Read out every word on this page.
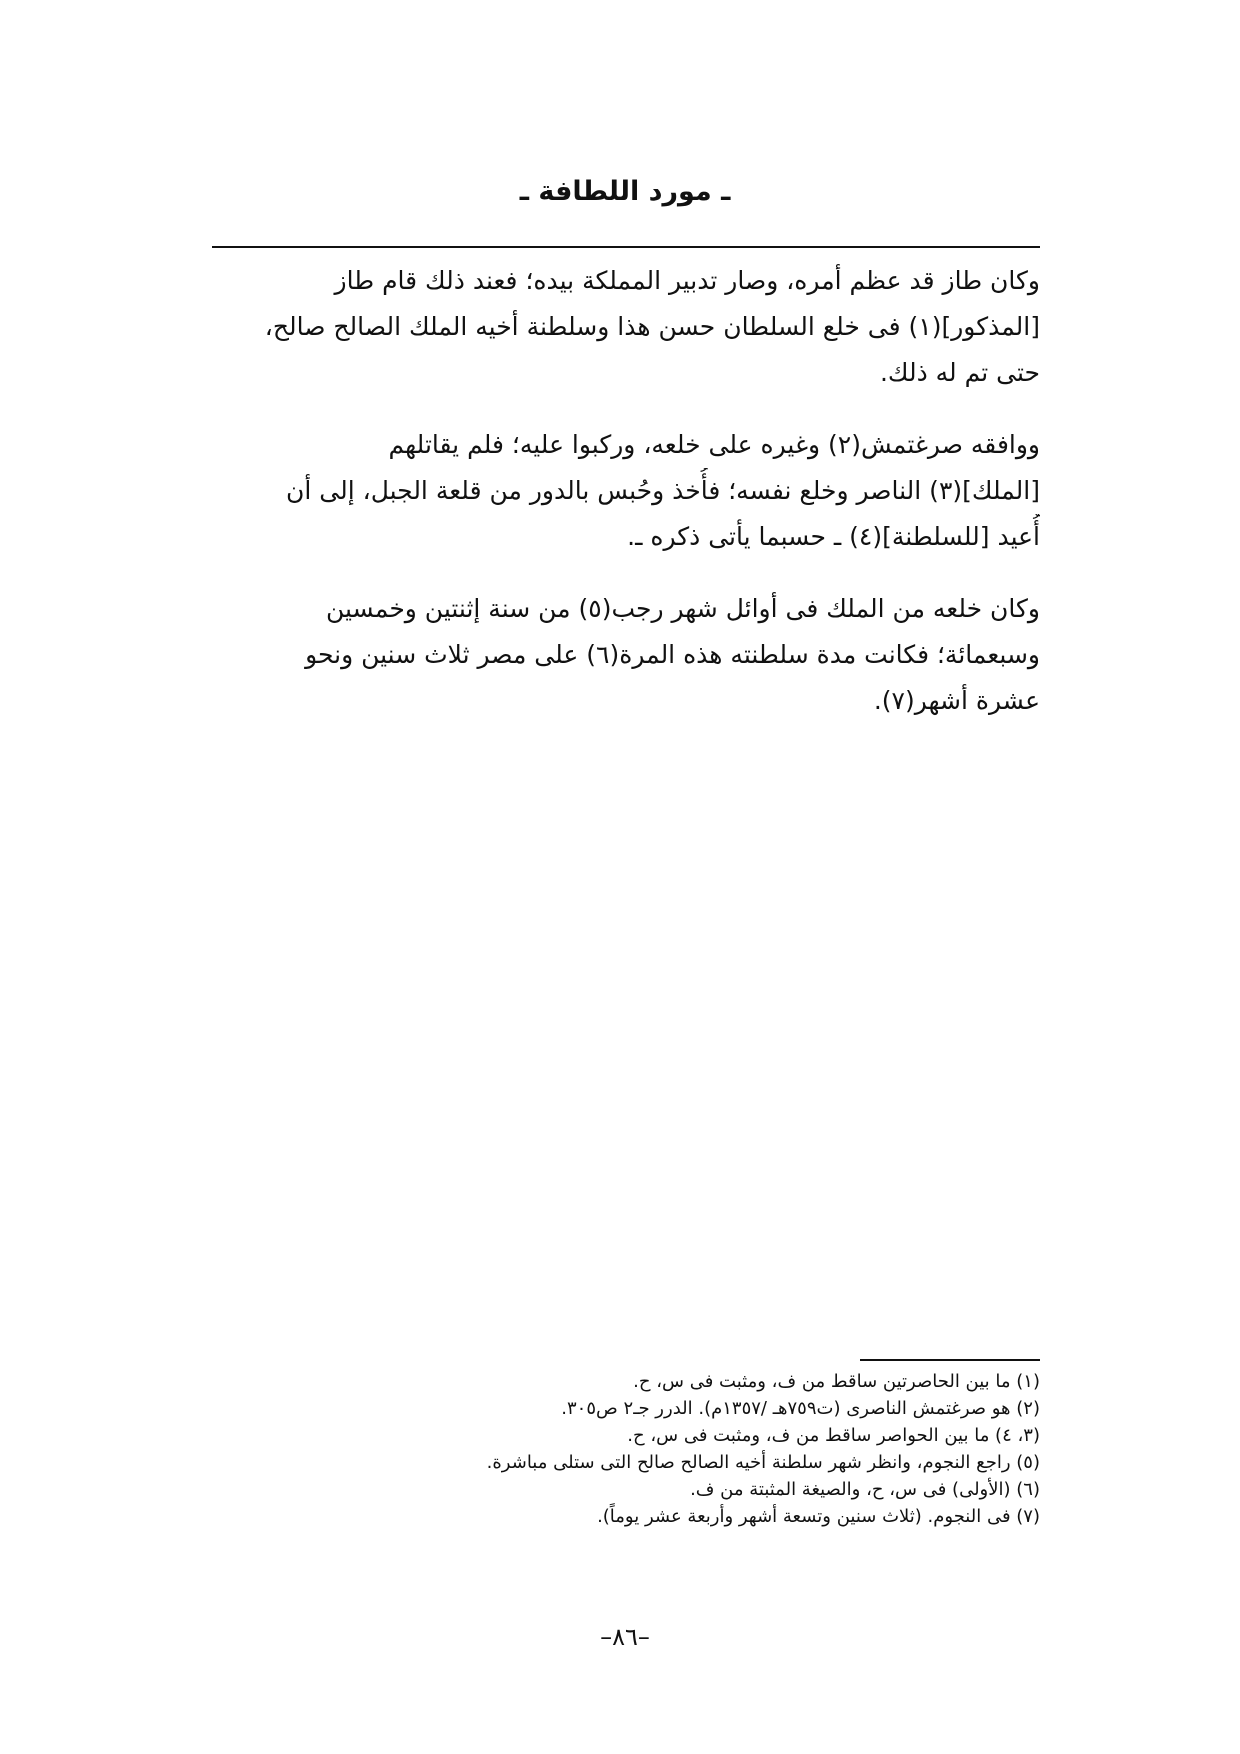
ـ مورد اللطافة ـ

وكان طاز قد عظم أمره، وصار تدبير المملكة بيده؛ فعند ذلك قام طاز
[المذكور](١) فى خلع السلطان حسن هذا وسلطنة أخيه الملك الصالح صالح،
حتى تم له ذلك.

ووافقه صرغتمش(٢) وغيره على خلعه، وركبوا عليه؛ فلم يقاتلهم
[الملك](٣) الناصر وخلع نفسه؛ فأُخذ وحُبس بالدور من قلعة الجبل، إلى أن
أُعيد [للسلطنة](٤) ـ حسبما يأتى ذكره ـ.

وكان خلعه من الملك فى أوائل شهر رجب(٥) من سنة إثنتين وخمسين
وسبعمائة؛ فكانت مدة سلطنته هذه المرة(٦) على مصر ثلاث سنين ونحو
عشرة أشهر(٧).

(١) ما بين الحاصرتين ساقط من ف، ومثبت فى س، ح.
(٢) هو صرغتمش الناصرى (ت٧٥٩هـ /١٣٥٧م). الدرر جـ٢ ص٣٠٥.
(٣، ٤) ما بين الحواصر ساقط من ف، ومثبت فى س، ح.
(٥) راجع النجوم، وانظر شهر سلطنة أخيه الصالح صالح التى ستلى مباشرة.
(٦) (الأولى) فى س، ح، والصيغة المثبتة من ف.
(٧) فى النجوم. (ثلاث سنين وتسعة أشهر وأربعة عشر يوماً).
–٨٦–
